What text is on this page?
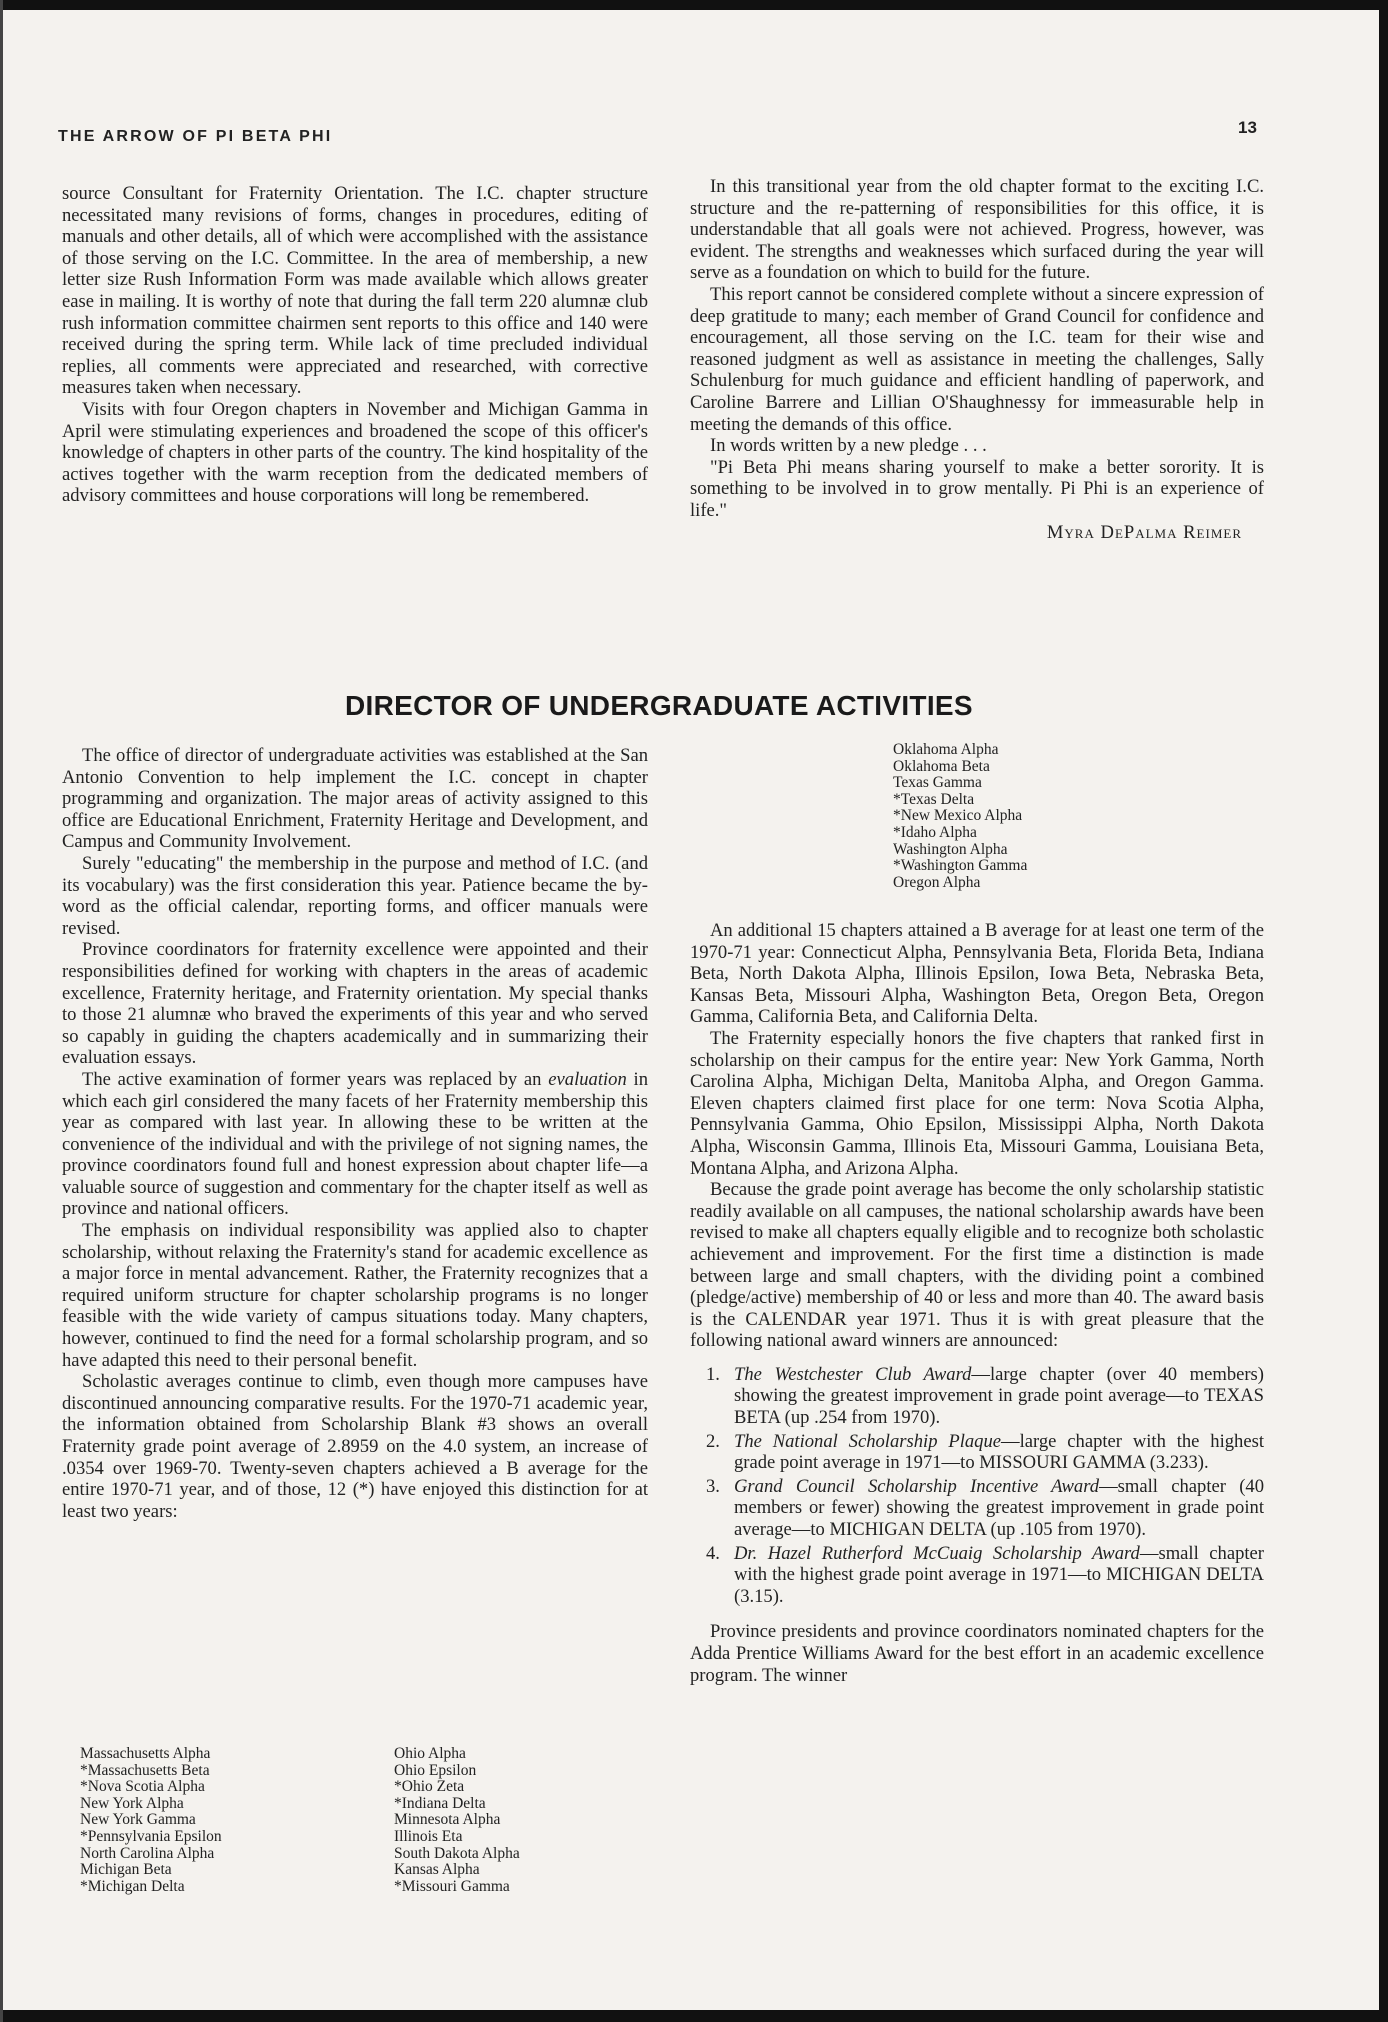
THE ARROW OF PI BETA PHI	13

source Consultant for Fraternity Orientation. The I.C. chapter structure necessitated many revisions of forms, changes in procedures, editing of manuals and other details, all of which were accomplished with the assistance of those serving on the I.C. Committee. In the area of membership, a new letter size Rush Information Form was made available which allows greater ease in mailing. It is worthy of note that during the fall term 220 alumnæ club rush information committee chairmen sent reports to this office and 140 were received during the spring term. While lack of time precluded individual replies, all comments were appreciated and researched, with corrective measures taken when necessary.

Visits with four Oregon chapters in November and Michigan Gamma in April were stimulating experiences and broadened the scope of this officer's knowledge of chapters in other parts of the country. The kind hospitality of the actives together with the warm reception from the dedicated members of advisory committees and house corporations will long be remembered.

In this transitional year from the old chapter format to the exciting I.C. structure and the re-patterning of responsibilities for this office, it is understandable that all goals were not achieved. Progress, however, was evident. The strengths and weaknesses which surfaced during the year will serve as a foundation on which to build for the future.

This report cannot be considered complete without a sincere expression of deep gratitude to many; each member of Grand Council for confidence and encouragement, all those serving on the I.C. team for their wise and reasoned judgment as well as assistance in meeting the challenges, Sally Schulenburg for much guidance and efficient handling of paperwork, and Caroline Barrere and Lillian O'Shaughnessy for immeasurable help in meeting the demands of this office.

In words written by a new pledge . . .

"Pi Beta Phi means sharing yourself to make a better sorority. It is something to be involved in to grow mentally. Pi Phi is an experience of life."

Myra DePalma Reimer
DIRECTOR OF UNDERGRADUATE ACTIVITIES
Oklahoma Alpha
Oklahoma Beta
Texas Gamma
*Texas Delta
*New Mexico Alpha
*Idaho Alpha
Washington Alpha
*Washington Gamma
Oregon Alpha

The office of director of undergraduate activities was established at the San Antonio Convention to help implement the I.C. concept in chapter programming and organization. The major areas of activity assigned to this office are Educational Enrichment, Fraternity Heritage and Development, and Campus and Community Involvement.

Surely "educating" the membership in the purpose and method of I.C. (and its vocabulary) was the first consideration this year. Patience became the by-word as the official calendar, reporting forms, and officer manuals were revised.

Province coordinators for fraternity excellence were appointed and their responsibilities defined for working with chapters in the areas of academic excellence, Fraternity heritage, and Fraternity orientation. My special thanks to those 21 alumnæ who braved the experiments of this year and who served so capably in guiding the chapters academically and in summarizing their evaluation essays.

The active examination of former years was replaced by an evaluation in which each girl considered the many facets of her Fraternity membership this year as compared with last year. In allowing these to be written at the convenience of the individual and with the privilege of not signing names, the province coordinators found full and honest expression about chapter life—a valuable source of suggestion and commentary for the chapter itself as well as province and national officers.

The emphasis on individual responsibility was applied also to chapter scholarship, without relaxing the Fraternity's stand for academic excellence as a major force in mental advancement. Rather, the Fraternity recognizes that a required uniform structure for chapter scholarship programs is no longer feasible with the wide variety of campus situations today. Many chapters, however, continued to find the need for a formal scholarship program, and so have adapted this need to their personal benefit.

Scholastic averages continue to climb, even though more campuses have discontinued announcing comparative results. For the 1970-71 academic year, the information obtained from Scholarship Blank #3 shows an overall Fraternity grade point average of 2.8959 on the 4.0 system, an increase of .0354 over 1969-70. Twenty-seven chapters achieved a B average for the entire 1970-71 year, and of those, 12 (*) have enjoyed this distinction for at least two years:

Massachusetts Alpha
*Massachusetts Beta
*Nova Scotia Alpha
New York Alpha
New York Gamma
*Pennsylvania Epsilon
North Carolina Alpha
Michigan Beta
*Michigan Delta
Ohio Alpha
Ohio Epsilon
*Ohio Zeta
*Indiana Delta
Minnesota Alpha
Illinois Eta
South Dakota Alpha
Kansas Alpha
*Missouri Gamma

An additional 15 chapters attained a B average for at least one term of the 1970-71 year: Connecticut Alpha, Pennsylvania Beta, Florida Beta, Indiana Beta, North Dakota Alpha, Illinois Epsilon, Iowa Beta, Nebraska Beta, Kansas Beta, Missouri Alpha, Washington Beta, Oregon Beta, Oregon Gamma, California Beta, and California Delta.

The Fraternity especially honors the five chapters that ranked first in scholarship on their campus for the entire year: New York Gamma, North Carolina Alpha, Michigan Delta, Manitoba Alpha, and Oregon Gamma. Eleven chapters claimed first place for one term: Nova Scotia Alpha, Pennsylvania Gamma, Ohio Epsilon, Mississippi Alpha, North Dakota Alpha, Wisconsin Gamma, Illinois Eta, Missouri Gamma, Louisiana Beta, Montana Alpha, and Arizona Alpha.

Because the grade point average has become the only scholarship statistic readily available on all campuses, the national scholarship awards have been revised to make all chapters equally eligible and to recognize both scholastic achievement and improvement. For the first time a distinction is made between large and small chapters, with the dividing point a combined (pledge/active) membership of 40 or less and more than 40. The award basis is the CALENDAR year 1971. Thus it is with great pleasure that the following national award winners are announced:

1. The Westchester Club Award—large chapter (over 40 members) showing the greatest improvement in grade point average—to TEXAS BETA (up .254 from 1970).
2. The National Scholarship Plaque—large chapter with the highest grade point average in 1971—to MISSOURI GAMMA (3.233).
3. Grand Council Scholarship Incentive Award—small chapter (40 members or fewer) showing the greatest improvement in grade point average—to MICHIGAN DELTA (up .105 from 1970).
4. Dr. Hazel Rutherford McCuaig Scholarship Award—small chapter with the highest grade point average in 1971—to MICHIGAN DELTA (3.15).

Province presidents and province coordinators nominated chapters for the Adda Prentice Williams Award for the best effort in an academic excellence program. The winner
